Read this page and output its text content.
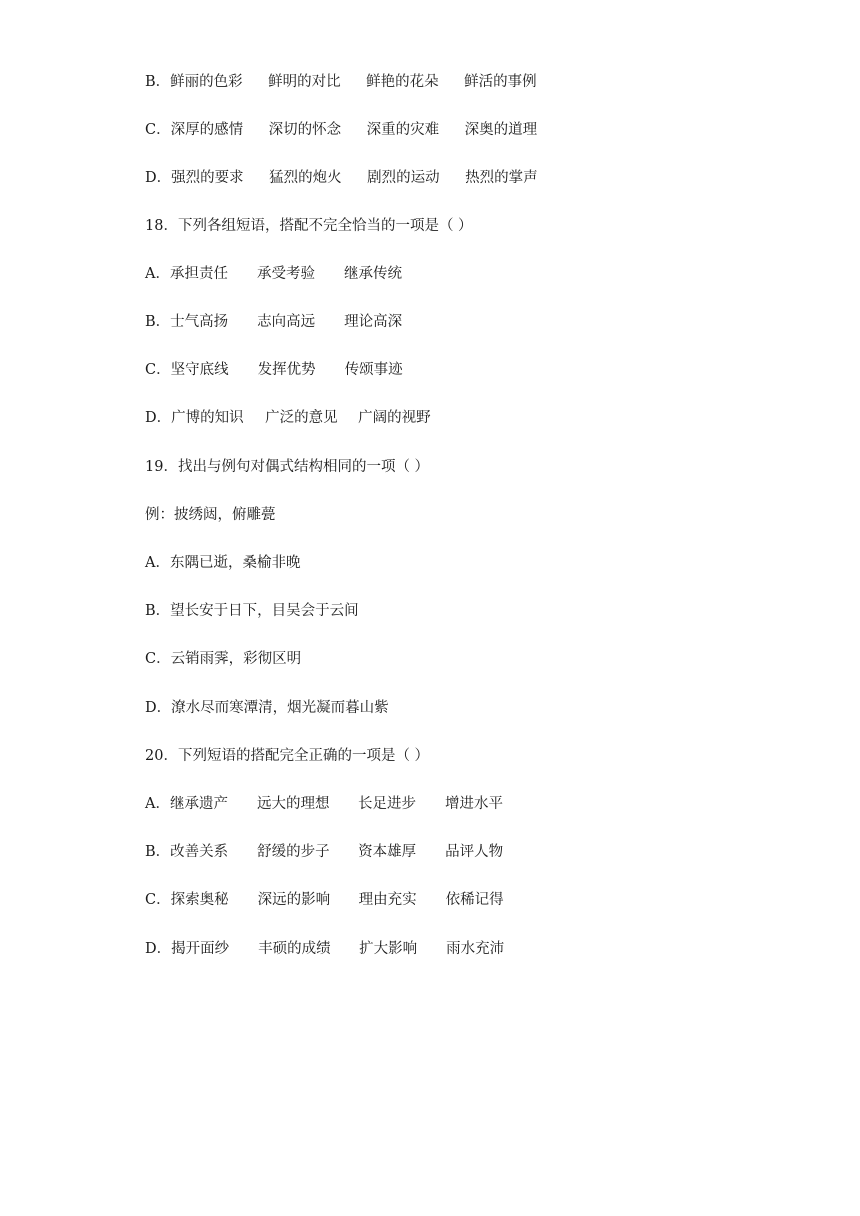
B．鲜丽的色彩 鲜明的对比 鲜艳的花朵 鲜活的事例
C．深厚的感情 深切的怀念 深重的灾难 深奥的道理
D．强烈的要求 猛烈的炮火 剧烈的运动 热烈的掌声
18．下列各组短语，搭配不完全恰当的一项是（ ）
A．承担责任 承受考验 继承传统
B．士气高扬 志向高远 理论高深
C．坚守底线 发挥优势 传颂事迹
D．广博的知识 广泛的意见 广阔的视野
19．找出与例句对偶式结构相同的一项（ ）
例：披绣闼，俯雕甍
A．东隅已逝，桑榆非晚
B．望长安于日下，目吴会于云间
C．云销雨霁，彩彻区明
D．潦水尽而寒潭清，烟光凝而暮山紫
20．下列短语的搭配完全正确的一项是（ ）
A．继承遗产 远大的理想 长足进步 增进水平
B．改善关系 舒缓的步子 资本雄厚 品评人物
C．探索奥秘 深远的影响 理由充实 依稀记得
D．揭开面纱 丰硕的成绩 扩大影响 雨水充沛
